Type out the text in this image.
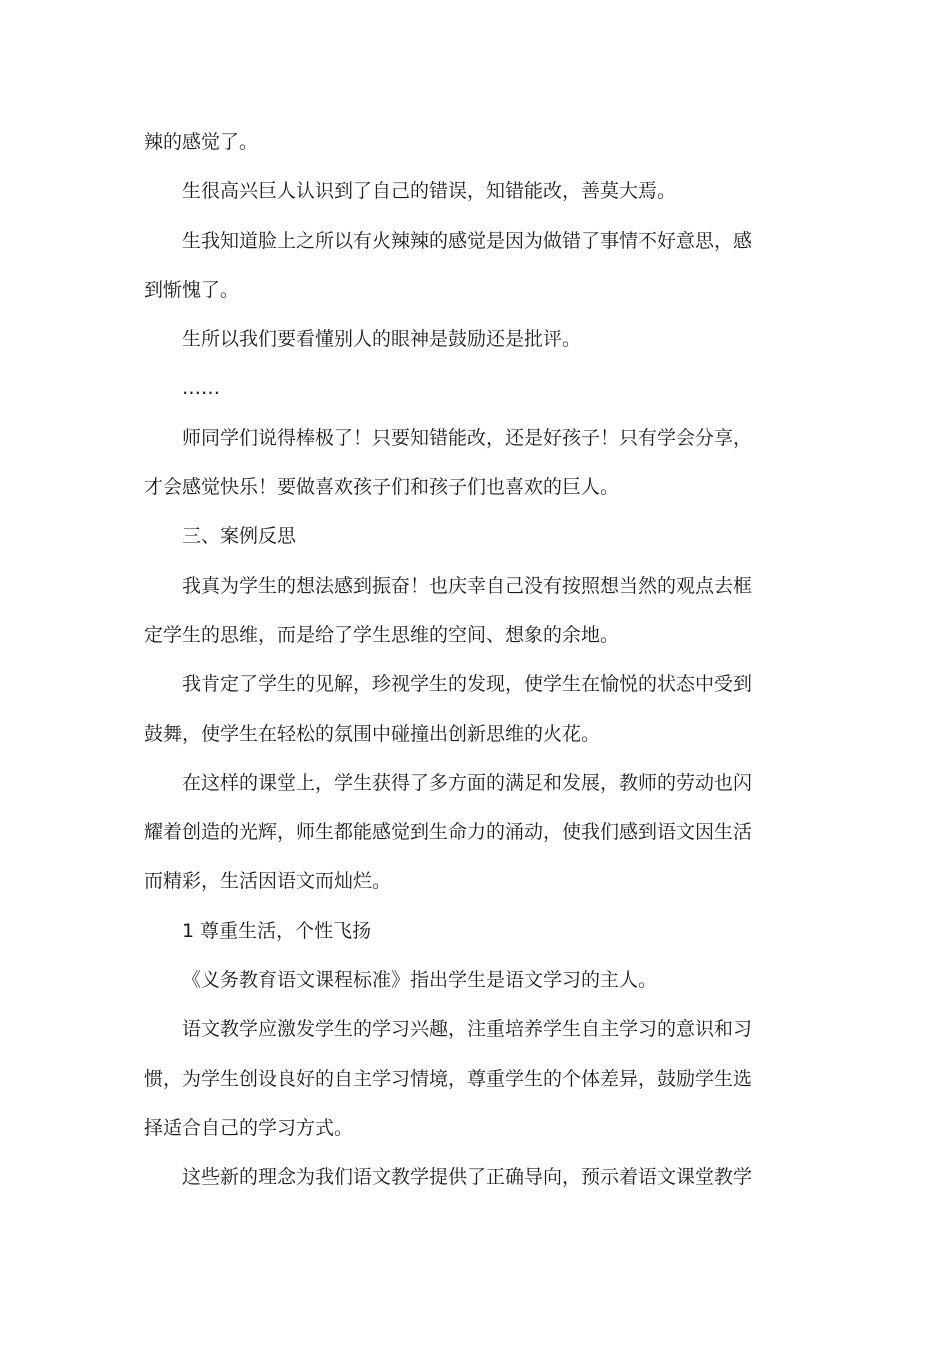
辣的感觉了。

生很高兴巨人认识到了自己的错误，知错能改，善莫大焉。

生我知道脸上之所以有火辣辣的感觉是因为做错了事情不好意思，感

到惭愧了。

生所以我们要看懂别人的眼神是鼓励还是批评。

……

师同学们说得棒极了！只要知错能改，还是好孩子！只有学会分享，

才会感觉快乐！要做喜欢孩子们和孩子们也喜欢的巨人。

三、案例反思

我真为学生的想法感到振奋！也庆幸自己没有按照想当然的观点去框

定学生的思维，而是给了学生思维的空间、想象的余地。

我肯定了学生的见解，珍视学生的发现，使学生在愉悦的状态中受到

鼓舞，使学生在轻松的氛围中碰撞出创新思维的火花。

在这样的课堂上，学生获得了多方面的满足和发展，教师的劳动也闪

耀着创造的光辉，师生都能感觉到生命力的涌动，使我们感到语文因生活

而精彩，生活因语文而灿烂。

1 尊重生活，个性飞扬

《义务教育语文课程标准》指出学生是语文学习的主人。

语文教学应激发学生的学习兴趣，注重培养学生自主学习的意识和习

惯，为学生创设良好的自主学习情境，尊重学生的个体差异，鼓励学生选

择适合自己的学习方式。

这些新的理念为我们语文教学提供了正确导向，预示着语文课堂教学
